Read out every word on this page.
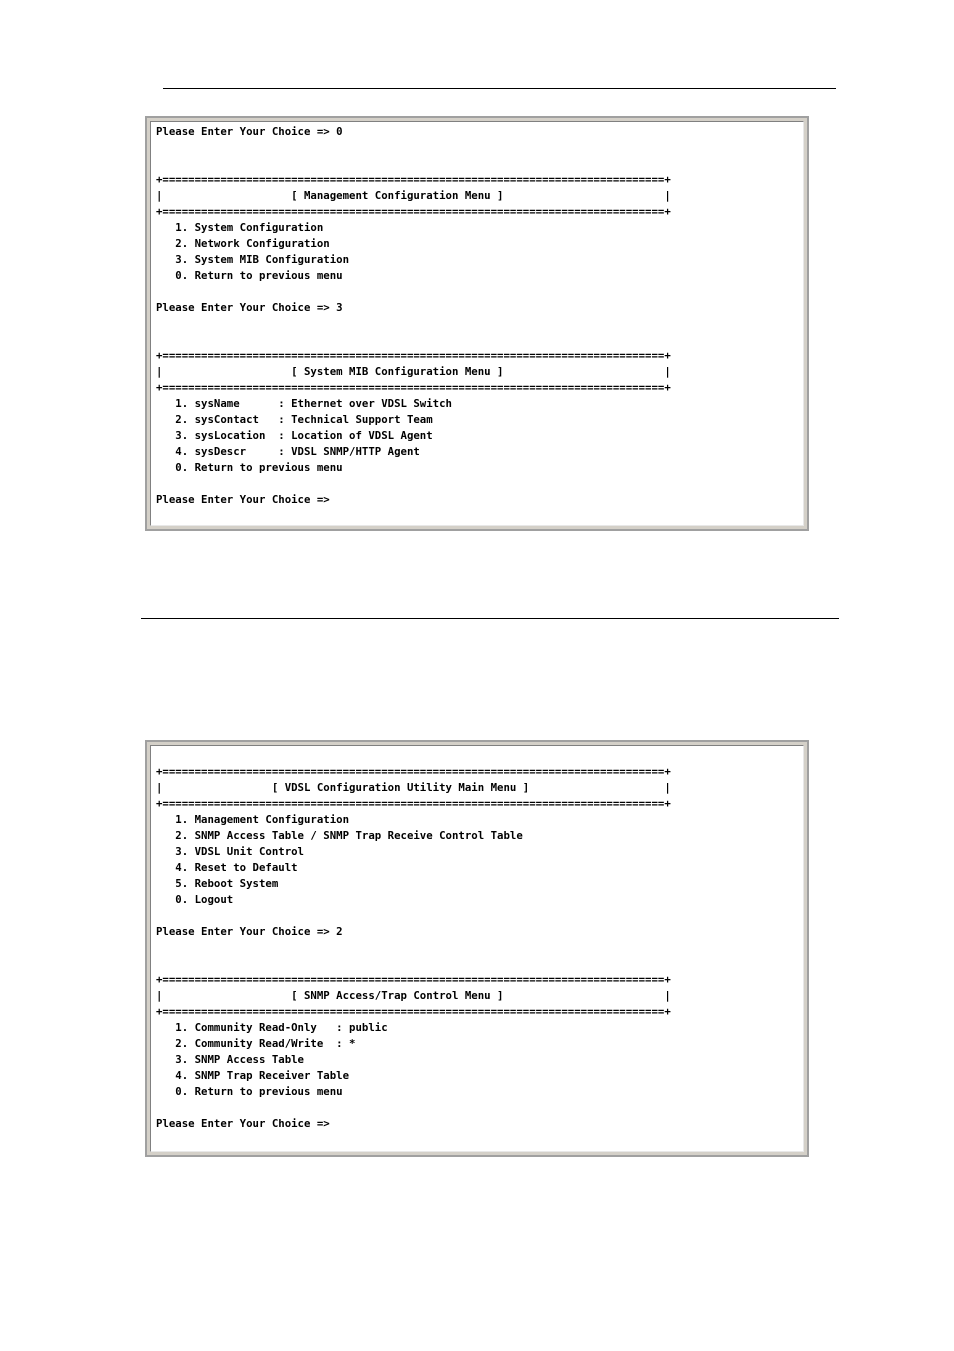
Please Enter Your Choice => 0

+==============================================================================+
|                    [ Management Configuration Menu ]                         |
+==============================================================================+
1. System Configuration
2. Network Configuration
3. System MIB Configuration
0. Return to previous menu

Please Enter Your Choice => 3

+==============================================================================+
|                    [ System MIB Configuration Menu ]                         |
+==============================================================================+
1. sysName      : Ethernet over VDSL Switch
2. sysContact   : Technical Support Team
3. sysLocation  : Location of VDSL Agent
4. sysDescr     : VDSL SNMP/HTTP Agent
0. Return to previous menu

Please Enter Your Choice =>

+==============================================================================+
|                 [ VDSL Configuration Utility Main Menu ]                     |
+==============================================================================+
1. Management Configuration
2. SNMP Access Table / SNMP Trap Receive Control Table
3. VDSL Unit Control
4. Reset to Default
5. Reboot System
0. Logout

Please Enter Your Choice => 2

+==============================================================================+
|                    [ SNMP Access/Trap Control Menu ]                         |
+==============================================================================+
1. Community Read-Only   : public
2. Community Read/Write  : *
3. SNMP Access Table
4. SNMP Trap Receiver Table
0. Return to previous menu

Please Enter Your Choice =>
